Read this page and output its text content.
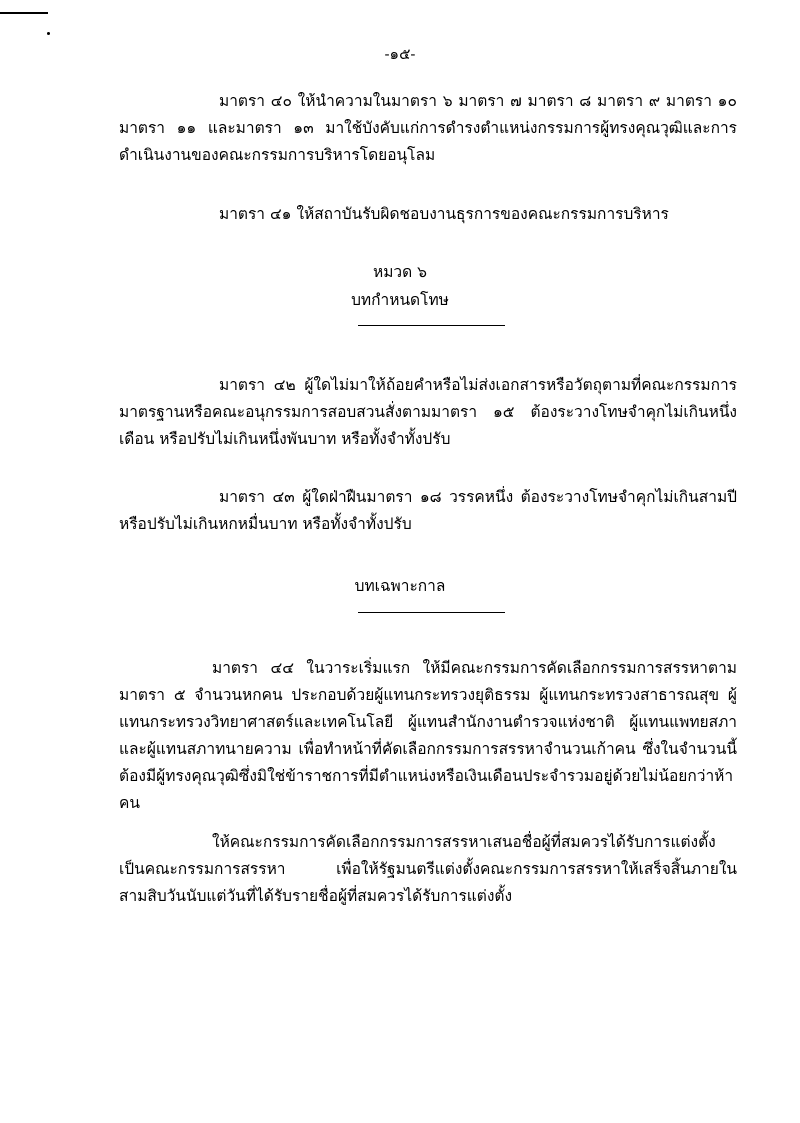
-๑๕-
มาตรา ๔๐ ให้นำความในมาตรา ๖ มาตรา ๗ มาตรา ๘ มาตรา ๙ มาตรา ๑๐ มาตรา ๑๑ และมาตรา ๑๓ มาใช้บังคับแก่การดำรงตำแหน่งกรรมการผู้ทรงคุณวุฒิและการดำเนินงานของคณะกรรมการบริหารโดยอนุโลม
มาตรา ๔๑ ให้สถาบันรับผิดชอบงานธุรการของคณะกรรมการบริหาร
หมวด ๖
บทกำหนดโทษ
มาตรา ๔๒ ผู้ใดไม่มาให้ถ้อยคำหรือไม่ส่งเอกสารหรือวัตถุตามที่คณะกรรมการมาตรฐานหรือคณะอนุกรรมการสอบสวนสั่งตามมาตรา ๑๕ ต้องระวางโทษจำคุกไม่เกินหนึ่งเดือน หรือปรับไม่เกินหนึ่งพันบาท หรือทั้งจำทั้งปรับ
มาตรา ๔๓ ผู้ใดฝ่าฝืนมาตรา ๑๘ วรรคหนึ่ง ต้องระวางโทษจำคุกไม่เกินสามปี หรือปรับไม่เกินหกหมื่นบาท หรือทั้งจำทั้งปรับ
บทเฉพาะกาล
มาตรา ๔๔ ในวาระเริ่มแรก ให้มีคณะกรรมการคัดเลือกกรรมการสรรหาตามมาตรา ๕ จำนวนหกคน ประกอบด้วยผู้แทนกระทรวงยุติธรรม ผู้แทนกระทรวงสาธารณสุข ผู้แทนกระทรวงวิทยาศาสตร์และเทคโนโลยี ผู้แทนสำนักงานตำรวจแห่งชาติ ผู้แทนแพทยสภา และผู้แทนสภาทนายความ เพื่อทำหน้าที่คัดเลือกกรรมการสรรหาจำนวนเก้าคน ซึ่งในจำนวนนี้ต้องมีผู้ทรงคุณวุฒิซึ่งมิใช่ข้าราชการที่มีตำแหน่งหรือเงินเดือนประจำรวมอยู่ด้วยไม่น้อยกว่าห้าคน
ให้คณะกรรมการคัดเลือกกรรมการสรรหาเสนอชื่อผู้ที่สมควรได้รับการแต่งตั้งเป็นคณะกรรมการสรรหา เพื่อให้รัฐมนตรีแต่งตั้งคณะกรรมการสรรหาให้เสร็จสิ้นภายในสามสิบวันนับแต่วันที่ได้รับรายชื่อผู้ที่สมควรได้รับการแต่งตั้ง
